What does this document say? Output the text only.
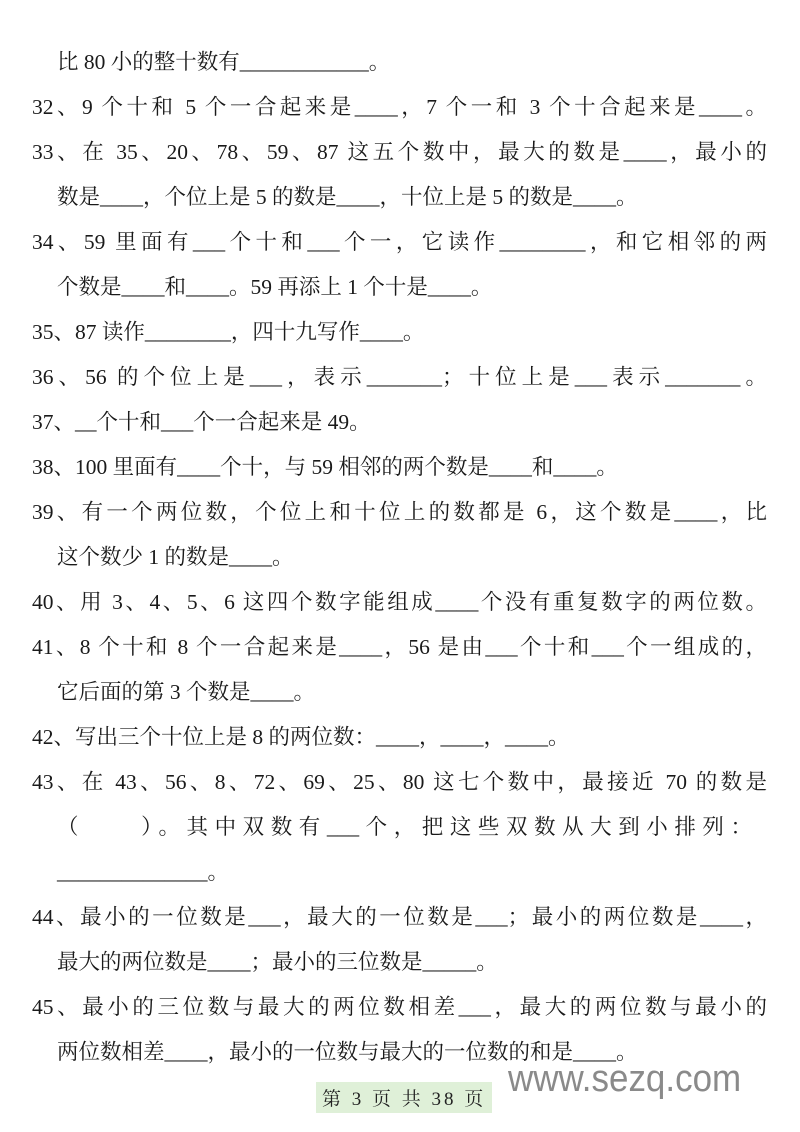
比 80 小的整十数有____________。
32、9 个十和 5 个一合起来是____，7 个一和 3 个十合起来是____。
33、在 35、20、78、59、87 这五个数中，最大的数是____，最小的
数是____，个位上是 5 的数是____，十位上是 5 的数是____。
34、59 里面有___个十和___个一，它读作________，和它相邻的两
个数是____和____。59 再添上 1 个十是____。
35、87 读作________，四十九写作____。
36、56 的个位上是___，表示_______；十位上是___表示_______。
37、__个十和___个一合起来是 49。
38、100 里面有____个十，与 59 相邻的两个数是____和____。
39、有一个两位数，个位上和十位上的数都是 6，这个数是____，比
这个数少 1 的数是____。
40、用 3、4、5、6 这四个数字能组成____个没有重复数字的两位数。
41、8 个十和 8 个一合起来是____，56 是由___个十和___个一组成的，
它后面的第 3 个数是____。
42、写出三个十位上是 8 的两位数：____，____，____。
43、在 43、56、8、72、69、25、80 这七个数中，最接近 70 的数是
（　　）。其中双数有___个，把这些双数从大到小排列：
______________。
44、最小的一位数是___，最大的一位数是___；最小的两位数是____，
最大的两位数是____；最小的三位数是_____。
45、最小的三位数与最大的两位数相差___，最大的两位数与最小的
两位数相差____，最小的一位数与最大的一位数的和是____。
www.sezq.com
第 3 页 共 38 页
